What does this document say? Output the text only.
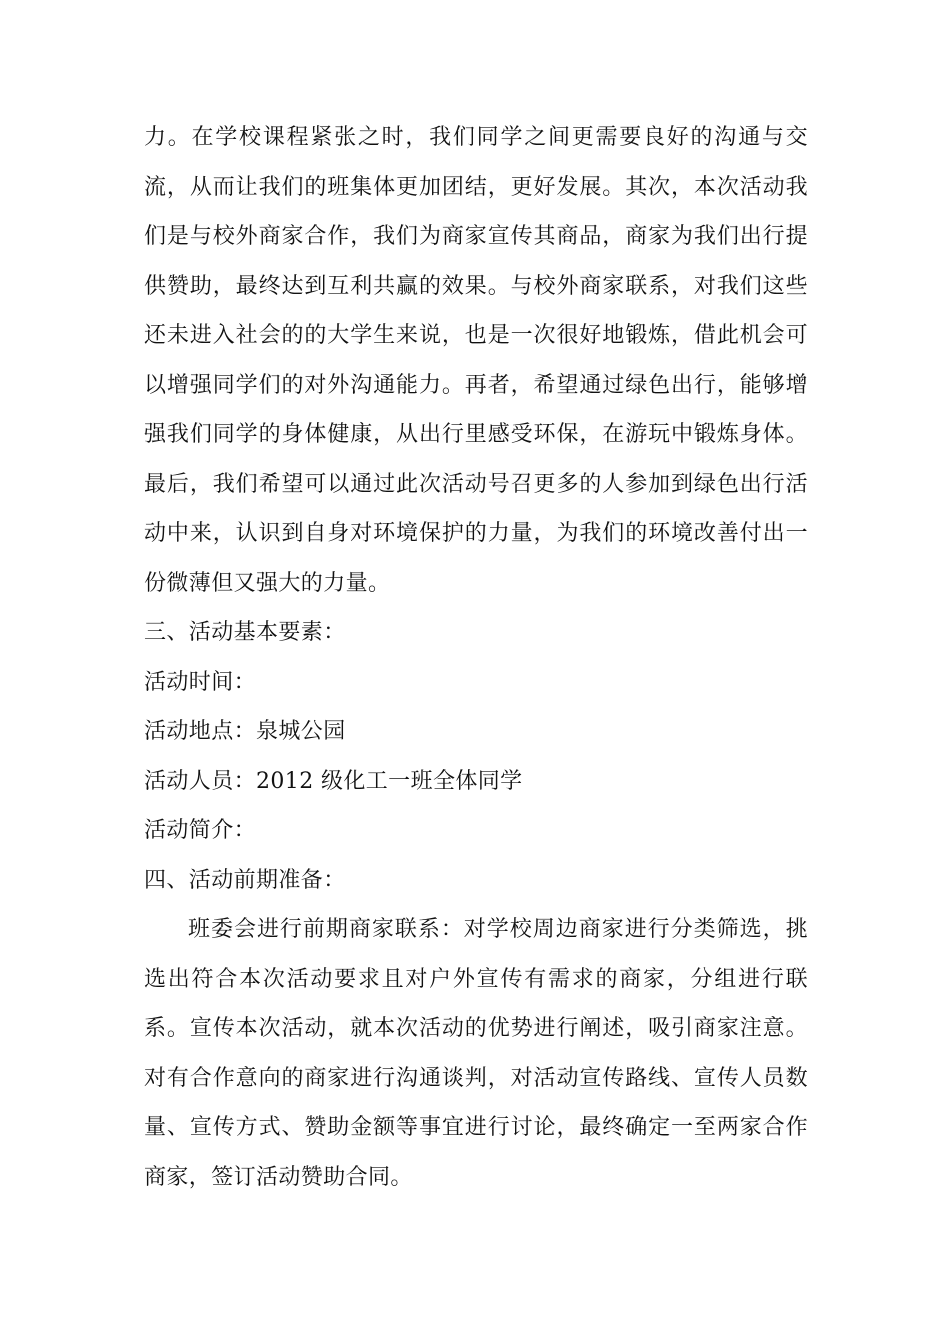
力。在学校课程紧张之时，我们同学之间更需要良好的沟通与交流，从而让我们的班集体更加团结，更好发展。其次，本次活动我们是与校外商家合作，我们为商家宣传其商品，商家为我们出行提供赞助，最终达到互利共赢的效果。与校外商家联系，对我们这些还未进入社会的的大学生来说，也是一次很好地锻炼，借此机会可以增强同学们的对外沟通能力。再者，希望通过绿色出行，能够增强我们同学的身体健康，从出行里感受环保，在游玩中锻炼身体。最后，我们希望可以通过此次活动号召更多的人参加到绿色出行活动中来，认识到自身对环境保护的力量，为我们的环境改善付出一份微薄但又强大的力量。

三、活动基本要素：

活动时间：

活动地点：泉城公园

活动人员：2012 级化工一班全体同学

活动简介：

四、活动前期准备：

班委会进行前期商家联系：对学校周边商家进行分类筛选，挑选出符合本次活动要求且对户外宣传有需求的商家，分组进行联系。宣传本次活动，就本次活动的优势进行阐述，吸引商家注意。对有合作意向的商家进行沟通谈判，对活动宣传路线、宣传人员数量、宣传方式、赞助金额等事宜进行讨论，最终确定一至两家合作商家，签订活动赞助合同。
